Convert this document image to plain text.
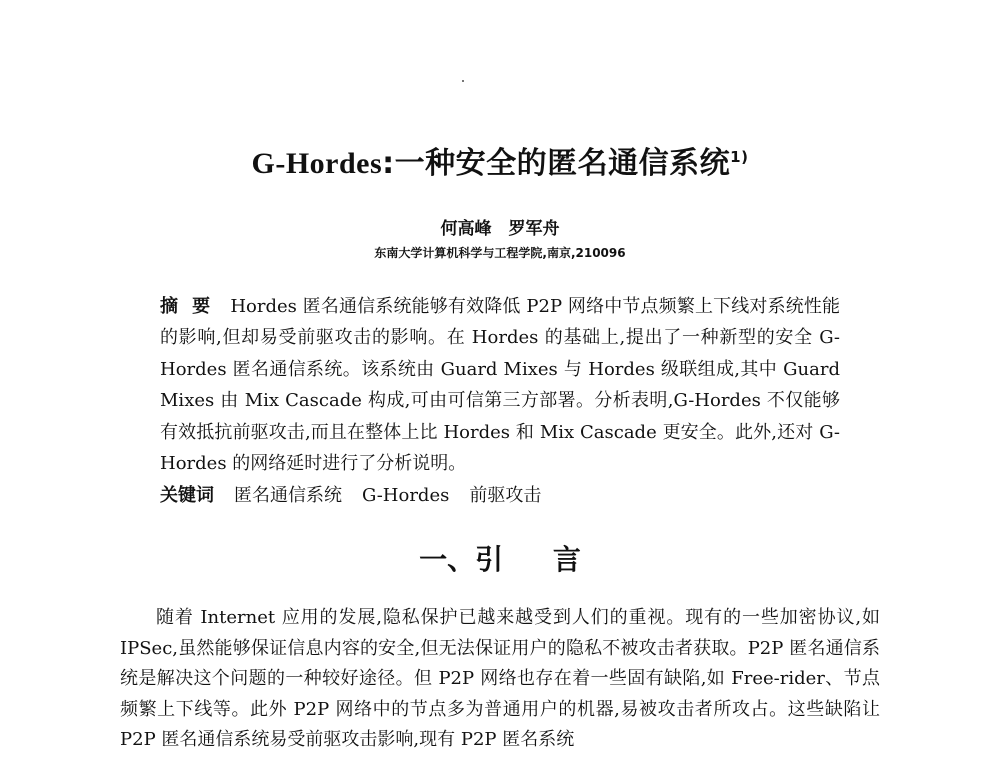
G-Hordes:一种安全的匿名通信系统$^{1)}$
何高峰　罗军舟
东南大学计算机科学与工程学院,南京,210096
摘要 Hordes 匿名通信系统能够有效降低 P2P 网络中节点频繁上下线对系统性能的影响,但却易受前驱攻击的影响。在 Hordes 的基础上,提出了一种新型的安全 G-Hordes 匿名通信系统。该系统由 Guard Mixes 与 Hordes 级联组成,其中 Guard Mixes 由 Mix Cascade 构成,可由可信第三方部署。分析表明,G-Hordes 不仅能够有效抵抗前驱攻击,而且在整体上比 Hordes 和 Mix Cascade 更安全。此外,还对 G-Hordes 的网络延时进行了分析说明。
关键词 匿名通信系统 G-Hordes 前驱攻击
一、引 言
随着 Internet 应用的发展,隐私保护已越来越受到人们的重视。现有的一些加密协议,如 IPSec,虽然能够保证信息内容的安全,但无法保证用户的隐私不被攻击者获取。P2P 匿名通信系统是解决这个问题的一种较好途径。但 P2P 网络也存在着一些固有缺陷,如 Free-rider、节点频繁上下线等。此外 P2P 网络中的节点多为普通用户的机器,易被攻击者所攻占。这些缺陷让 P2P 匿名通信系统易受前驱攻击影响,现有 P2P 匿名系统
